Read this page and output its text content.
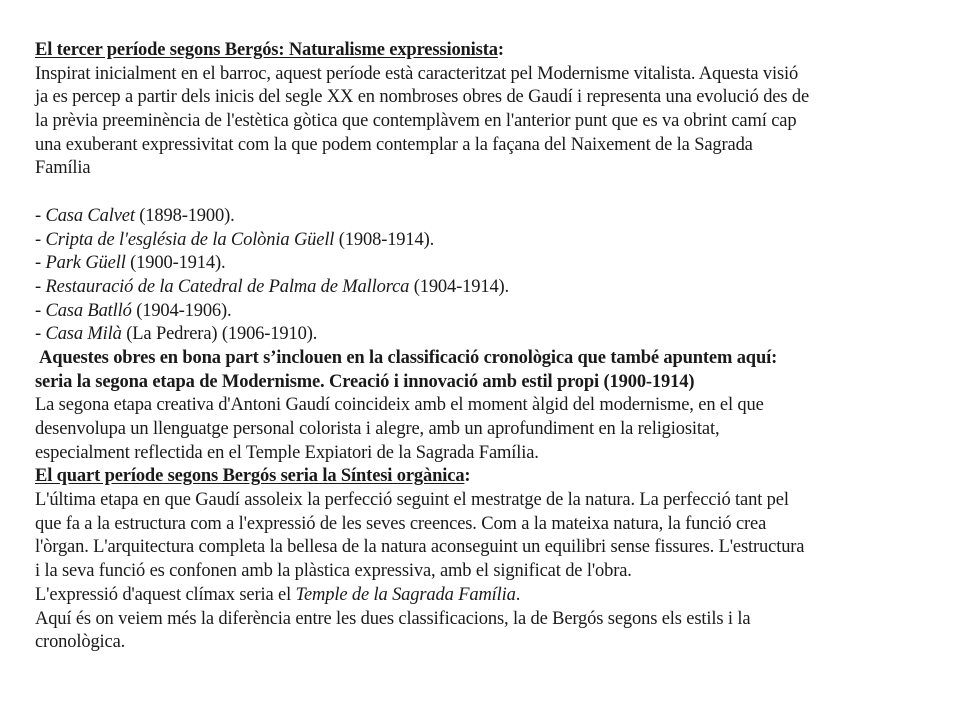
El tercer període segons Bergós: Naturalisme expressionista:
Inspirat inicialment en el barroc, aquest període està caracteritzat pel Modernisme vitalista. Aquesta visió
ja es percep a partir dels inicis del segle XX en nombroses obres de Gaudí i representa una evolució des de
la prèvia preeminència de l'estètica gòtica que contemplàvem en l'anterior punt que es va obrint camí cap
una exuberant expressivitat com la que podem contemplar a la façana del Naixement de la Sagrada
Família
- Casa Calvet (1898-1900).
- Cripta de l'església de la Colònia Güell (1908-1914).
- Park Güell (1900-1914).
- Restauració de la Catedral de Palma de Mallorca (1904-1914).
- Casa Batlló (1904-1906).
- Casa Milà (La Pedrera) (1906-1910).
Aquestes obres en bona part s’inclouen en la classificació cronològica que també apuntem aquí:
seria la segona etapa de Modernisme. Creació i innovació amb estil propi (1900-1914)
La segona etapa creativa d'Antoni Gaudí coincideix amb el moment àlgid del modernisme, en el que
desenvolupa un llenguatge personal colorista i alegre, amb un aprofundiment en la religiositat,
especialment reflectida en el Temple Expiatori de la Sagrada Família.
El quart període segons Bergós seria la Síntesi orgànica:
L'última etapa en que Gaudí assoleix la perfecció seguint el mestratge de la natura. La perfecció tant pel
que fa a la estructura com a l'expressió de les seves creences. Com a la mateixa natura, la funció crea
l'òrgan. L'arquitectura completa la bellesa de la natura aconseguint un equilibri sense fissures. L'estructura
i la seva funció es confonen amb la plàstica expressiva, amb el significat de l'obra.
L'expressió d'aquest clímax seria el Temple de la Sagrada Família.
Aquí és on veiem més la diferència entre les dues classificacions, la de Bergós segons els estils i la
cronològica.
